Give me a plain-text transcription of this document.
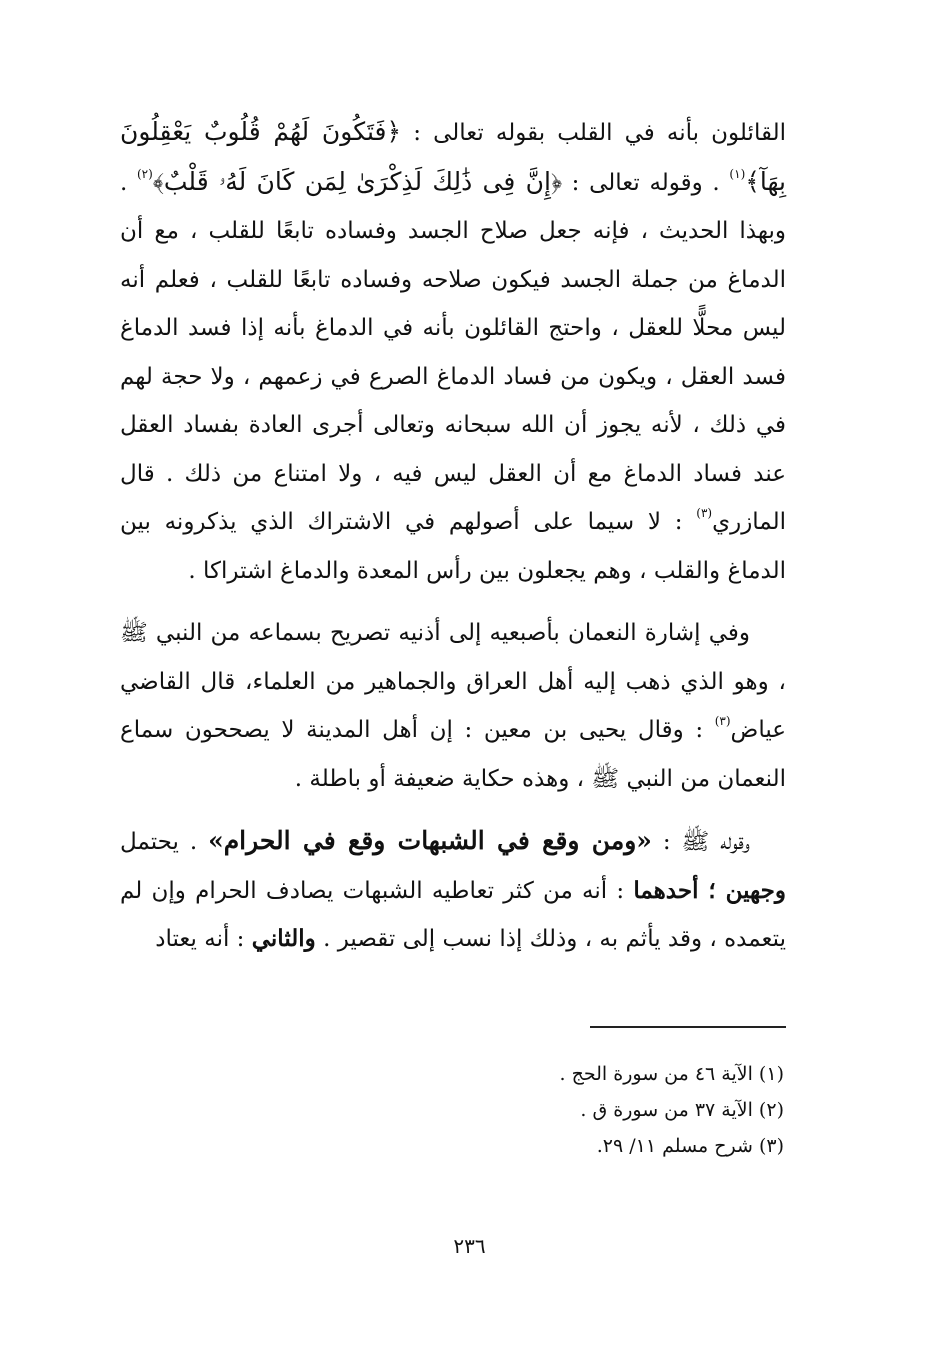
القائلون بأنه في القلب بقوله تعالى : ﴿فَتَكُونَ لَهُمْ قُلُوبٌ يَعْقِلُونَ بِهَآ﴾$^{(١)}$ . وقوله تعالى : ﴿إِنَّ فِى ذَٰلِكَ لَذِكْرَىٰ لِمَن كَانَ لَهُۥ قَلْبٌ﴾$^{(٢)}$ . وبهذا الحديث ، فإنه جعل صلاح الجسد وفساده تابعًا للقلب ، مع أن الدماغ من جملة الجسد فيكون صلاحه وفساده تابعًا للقلب ، فعلم أنه ليس محلًّا للعقل ، واحتج القائلون بأنه في الدماغ بأنه إذا فسد الدماغ فسد العقل ، ويكون من فساد الدماغ الصرع في زعمهم ، ولا حجة لهم في ذلك ، لأنه يجوز أن الله سبحانه وتعالى أجرى العادة بفساد العقل عند فساد الدماغ مع أن العقل ليس فيه ، ولا امتناع من ذلك . قال المازري$^{(٣)}$ : لا سيما على أصولهم في الاشتراك الذي يذكرونه بين الدماغ والقلب ، وهم يجعلون بين رأس المعدة والدماغ اشتراكا .

وفي إشارة النعمان بأصبعيه إلى أذنيه تصريح بسماعه من النبي ﷺ ، وهو الذي ذهب إليه أهل العراق والجماهير من العلماء، قال القاضي عياض$^{(٣)}$ : وقال يحيى بن معين : إن أهل المدينة لا يصححون سماع النعمان من النبي ﷺ ، وهذه حكاية ضعيفة أو باطلة .

وقوله ﷺ : «ومن وقع في الشبهات وقع في الحرام» . يحتمل وجهين ؛ أحدهما : أنه من كثر تعاطيه الشبهات يصادف الحرام وإن لم يتعمده ، وقد يأثم به ، وذلك إذا نسب إلى تقصير . والثاني : أنه يعتاد

(١) الآية ٤٦ من سورة الحج .

(٢) الآية ٣٧ من سورة ق .

(٣) شرح مسلم ١١/ ٢٩.

٢٣٦
